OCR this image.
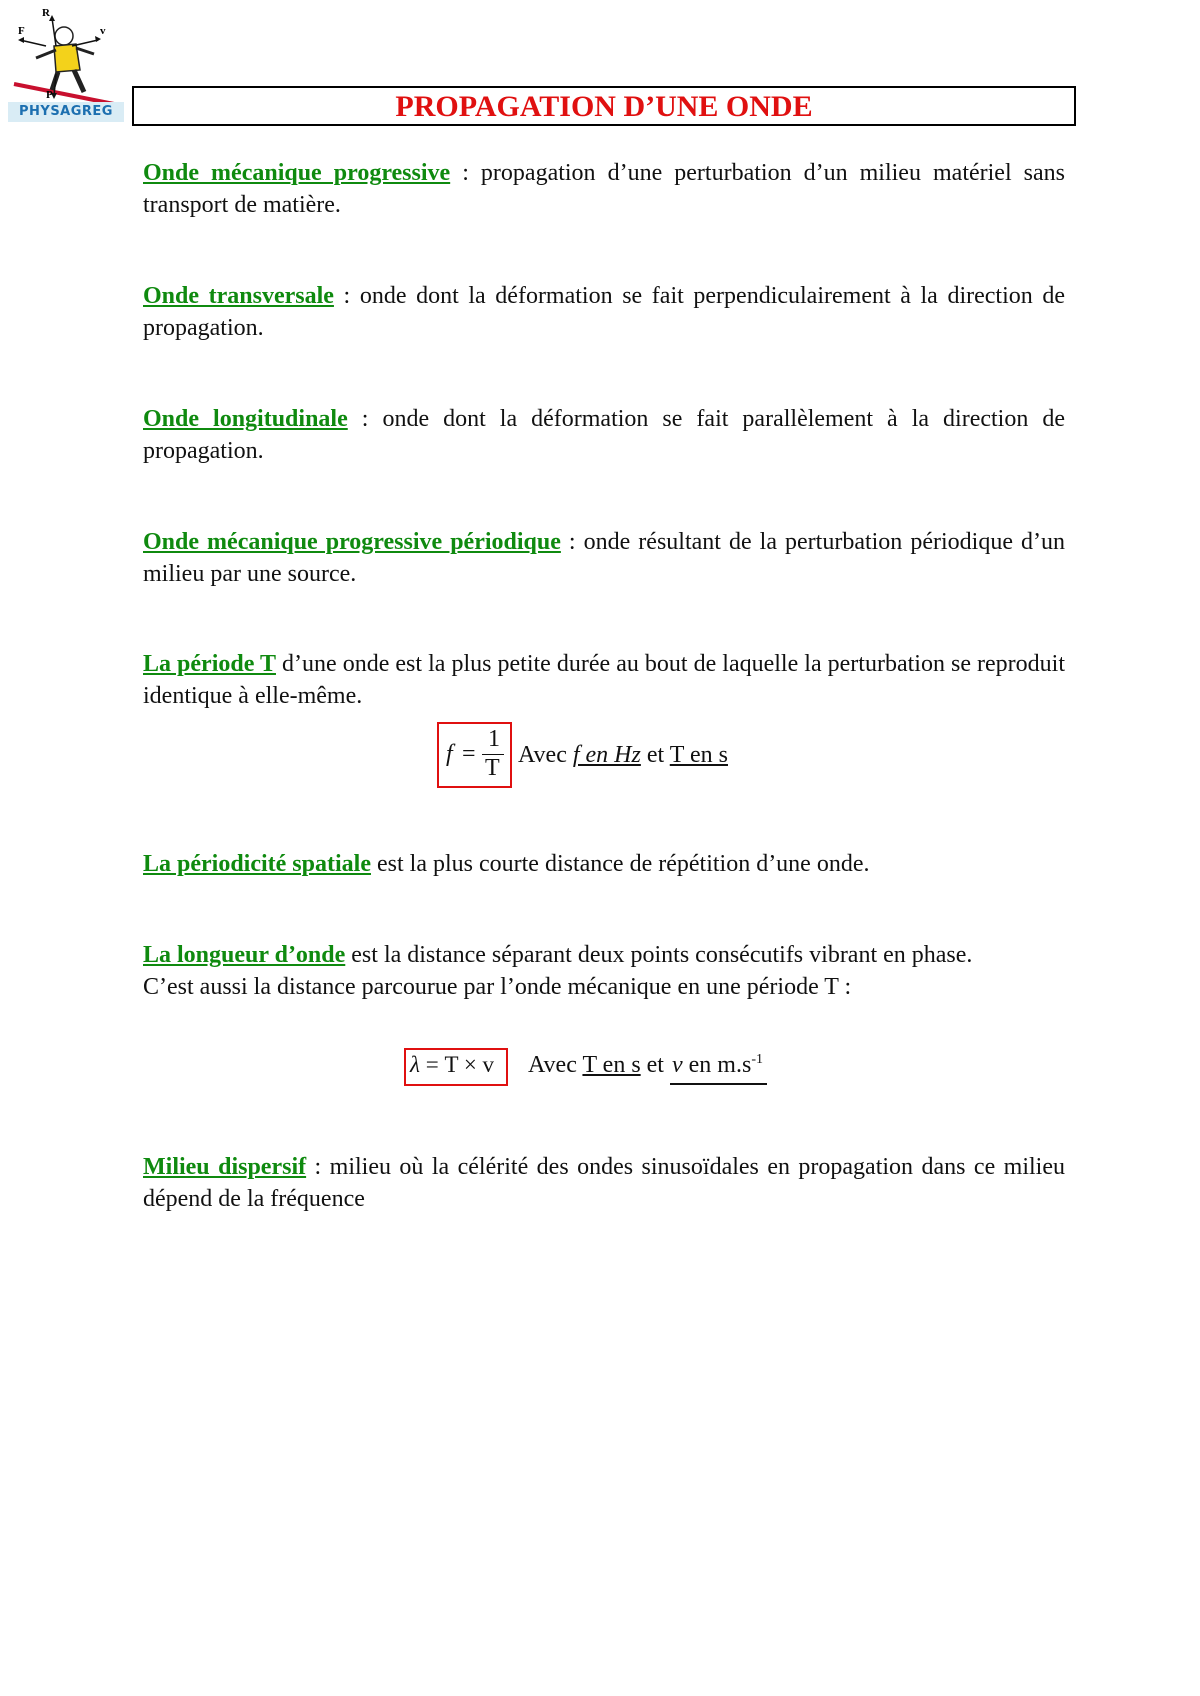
F
R
v
P
PHYSAGREG	PROPAGATION D’UNE ONDE
Onde mécanique progressive : propagation d’une perturbation d’un milieu matériel sans transport de matière.
Onde transversale : onde dont la déformation se fait perpendiculairement à la direction de propagation.
Onde longitudinale : onde dont la déformation se fait parallèlement à la direction de propagation.
Onde mécanique progressive périodique : onde résultant de la perturbation périodique d’un milieu par une source.
La période T d’une onde est la plus petite durée au bout de laquelle la perturbation se reproduit identique à elle-même.
f =
1
T Avec f en Hz et T en s
La périodicité spatiale est la plus courte distance de répétition d’une onde.
La longueur d’onde est la distance séparant deux points consécutifs vibrant en phase.
C’est aussi la distance parcourue par l’onde mécanique en une période T :
λ = T × v Avec T en s et v en $m.s^{-1}$
Milieu dispersif : milieu où la célérité des ondes sinusoïdales en propagation dans ce milieu dépend de la fréquence
